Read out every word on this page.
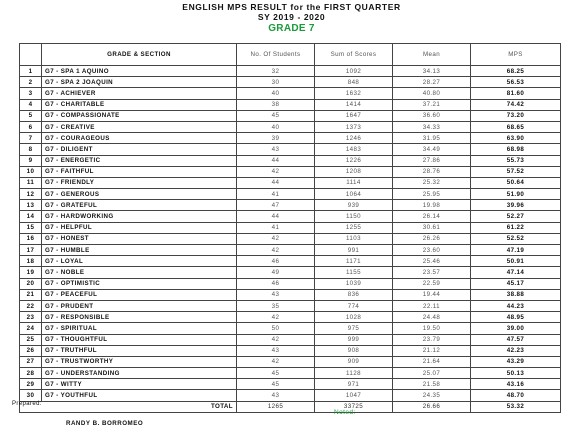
ENGLISH MPS RESULT for the FIRST QUARTER
SY 2019 - 2020
GRADE 7
	GRADE & SECTION	No. Of Students	Sum of Scores	Mean	MPS
1	G7 - SPA 1 AQUINO	32	1092	34.13	68.25
2	G7 - SPA 2 JOAQUIN	30	848	28.27	56.53
3	G7 - ACHIEVER	40	1632	40.80	81.60
4	G7 - CHARITABLE	38	1414	37.21	74.42
5	G7 - COMPASSIONATE	45	1647	36.60	73.20
6	G7 - CREATIVE	40	1373	34.33	68.65
7	G7 - COURAGEOUS	39	1246	31.95	63.90
8	G7 - DILIGENT	43	1483	34.49	68.98
9	G7 - ENERGETIC	44	1226	27.86	55.73
10	G7 - FAITHFUL	42	1208	28.76	57.52
11	G7 - FRIENDLY	44	1114	25.32	50.64
12	G7 - GENEROUS	41	1064	25.95	51.90
13	G7 - GRATEFUL	47	939	19.98	39.96
14	G7 - HARDWORKING	44	1150	26.14	52.27
15	G7 - HELPFUL	41	1255	30.61	61.22
16	G7 - HONEST	42	1103	26.26	52.52
17	G7 - HUMBLE	42	991	23.60	47.19
18	G7 - LOYAL	46	1171	25.46	50.91
19	G7 - NOBLE	49	1155	23.57	47.14
20	G7 - OPTIMISTIC	46	1039	22.59	45.17
21	G7 - PEACEFUL	43	836	19.44	38.88
22	G7 - PRUDENT	35	774	22.11	44.23
23	G7 - RESPONSIBLE	42	1028	24.48	48.95
24	G7 - SPIRITUAL	50	975	19.50	39.00
25	G7 - THOUGHTFUL	42	999	23.79	47.57
26	G7 - TRUTHFUL	43	908	21.12	42.23
27	G7 - TRUSTWORTHY	42	909	21.64	43.29
28	G7 - UNDERSTANDING	45	1128	25.07	50.13
29	G7 - WITTY	45	971	21.58	43.16
30	G7 - YOUTHFUL	43	1047	24.35	48.70
TOTAL		1265	33725	26.66	53.32
Prepared:
Noted:
RANDY B. BORROMEO
